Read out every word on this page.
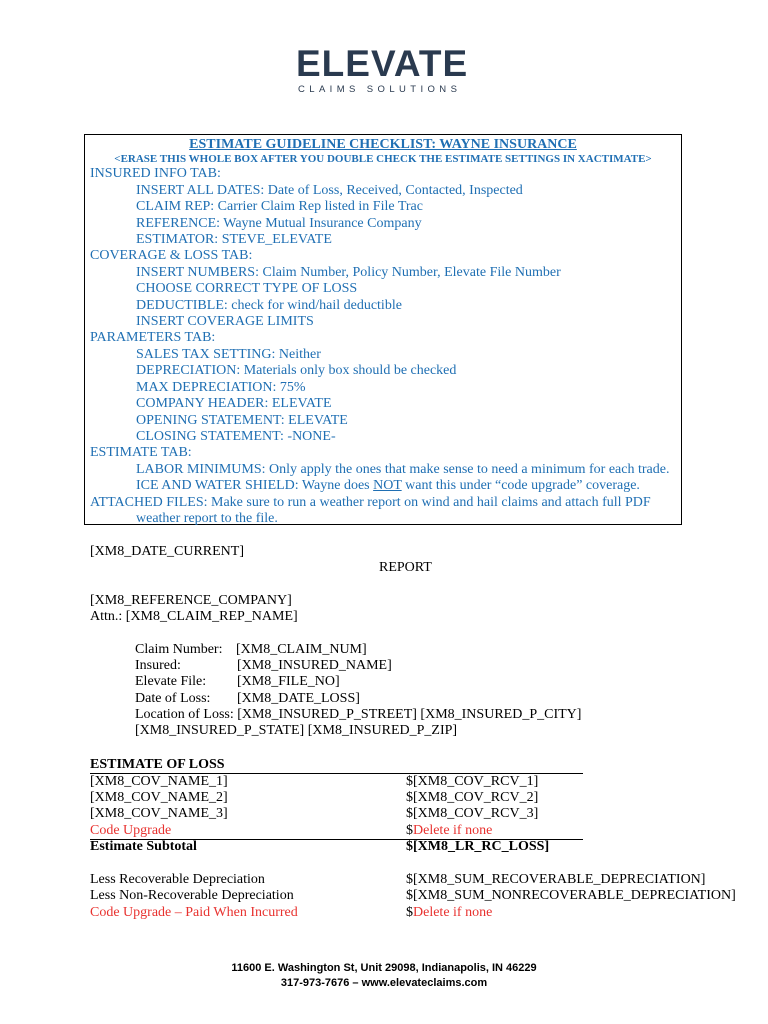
ELEVATE
CLAIMS SOLUTIONS
ESTIMATE GUIDELINE CHECKLIST: WAYNE INSURANCE
<ERASE THIS WHOLE BOX AFTER YOU DOUBLE CHECK THE ESTIMATE SETTINGS IN XACTIMATE>
INSURED INFO TAB:
INSERT ALL DATES: Date of Loss, Received, Contacted, Inspected
CLAIM REP: Carrier Claim Rep listed in File Trac
REFERENCE: Wayne Mutual Insurance Company
ESTIMATOR: STEVE_ELEVATE
COVERAGE & LOSS TAB:
INSERT NUMBERS: Claim Number, Policy Number, Elevate File Number
CHOOSE CORRECT TYPE OF LOSS
DEDUCTIBLE: check for wind/hail deductible
INSERT COVERAGE LIMITS
PARAMETERS TAB:
SALES TAX SETTING: Neither
DEPRECIATION: Materials only box should be checked
MAX DEPRECIATION: 75%
COMPANY HEADER: ELEVATE
OPENING STATEMENT: ELEVATE
CLOSING STATEMENT: -NONE-
ESTIMATE TAB:
LABOR MINIMUMS: Only apply the ones that make sense to need a minimum for each trade.
ICE AND WATER SHIELD: Wayne does NOT want this under “code upgrade” coverage.
ATTACHED FILES: Make sure to run a weather report on wind and hail claims and attach full PDF weather report to the file.
[XM8_DATE_CURRENT]
REPORT
[XM8_REFERENCE_COMPANY]
Attn.: [XM8_CLAIM_REP_NAME]
Claim Number: [XM8_CLAIM_NUM]
Insured:	[XM8_INSURED_NAME]
Elevate File: [XM8_FILE_NO]
Date of Loss: [XM8_DATE_LOSS]
Location of Loss: [XM8_INSURED_P_STREET] [XM8_INSURED_P_CITY]
[XM8_INSURED_P_STATE] [XM8_INSURED_P_ZIP]
ESTIMATE OF LOSS
[XM8_COV_NAME_1]	$[XM8_COV_RCV_1]
[XM8_COV_NAME_2]	$[XM8_COV_RCV_2]
[XM8_COV_NAME_3]	$[XM8_COV_RCV_3]
Code Upgrade	$Delete if none
Estimate Subtotal	$[XM8_LR_RC_LOSS]
Less Recoverable Depreciation	$[XM8_SUM_RECOVERABLE_DEPRECIATION]
Less Non-Recoverable Depreciation	$[XM8_SUM_NONRECOVERABLE_DEPRECIATION]
Code Upgrade – Paid When Incurred	$Delete if none
11600 E. Washington St, Unit 29098, Indianapolis, IN 46229
317-973-7676 – www.elevateclaims.com
